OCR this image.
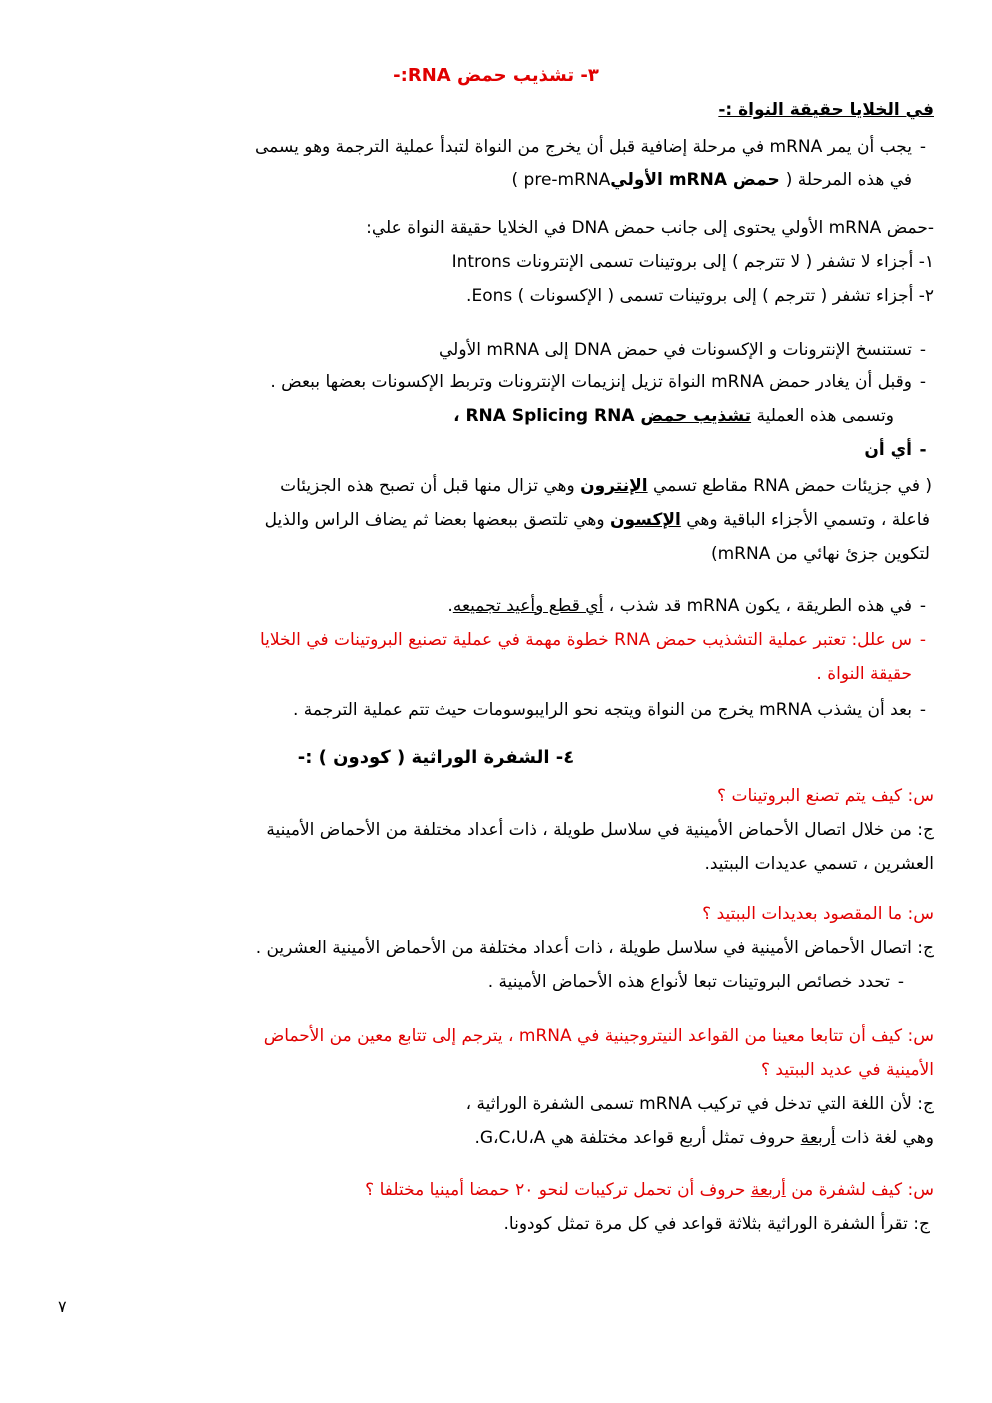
٣- تشذيب حمض RNA:-
في الخلايا حقيقة النواة :-
-يجب أن يمر mRNA في مرحلة إضافية قبل أن يخرج من النواة لتبدأ عملية الترجمة وهو يسمى
في هذه المرحلة ( حمض mRNA الأوليpre-mRNA )
-حمض mRNA الأولي يحتوى إلى جانب حمض DNA في الخلايا حقيقة النواة علي:
١- أجزاء لا تشفر ( لا تترجم ) إلى بروتينات تسمى الإنترونات Introns
٢- أجزاء تشفر ( تترجم ) إلى بروتينات تسمى ( الإكسونات ) Eons.
-تستنسخ الإنترونات و الإكسونات في حمض DNA إلى mRNA الأولي
-وقبل أن يغادر حمض mRNA النواة تزيل إنزيمات الإنترونات وتربط الإكسونات بعضها ببعض .
وتسمى هذه العملية تشذيب حمض RNA Splicing RNA ،
-أي أن
( في جزيئات حمض RNA مقاطع تسمي الإنترون وهي تزال منها قبل أن تصبح هذه الجزيئات
فاعلة ، وتسمي الأجزاء الباقية وهي الإكسون وهي تلتصق ببعضها بعضا ثم يضاف الراس والذيل
لتكوين جزئ نهائي من mRNA)
-في هذه الطريقة ، يكون mRNA قد شذب ، أي قطع وأعيد تجميعه.
-س علل: تعتبر عملية التشذيب حمض RNA خطوة مهمة في عملية تصنيع البروتينات في الخلايا
حقيقة النواة .
-بعد أن يشذب mRNA يخرج من النواة ويتجه نحو الرايبوسومات حيث تتم عملية الترجمة .
٤- الشفرة الوراثية ( كودون ) :-
س: كيف يتم تصنع البروتينات ؟
ج: من خلال اتصال الأحماض الأمينية في سلاسل طويلة ، ذات أعداد مختلفة من الأحماض الأمينية
العشرين ، تسمي عديدات الببتيد.
س: ما المقصود بعديدات الببتيد ؟
ج: اتصال الأحماض الأمينية في سلاسل طويلة ، ذات أعداد مختلفة من الأحماض الأمينية العشرين .
-تحدد خصائص البروتينات تبعا لأنواع هذه الأحماض الأمينية .
س: كيف أن تتابعا معينا من القواعد النيتروجينية في mRNA ، يترجم إلى تتابع معين من الأحماض
الأمينية في عديد الببتيد ؟
ج: لأن اللغة التي تدخل في تركيب mRNA تسمى الشفرة الوراثية ،
وهي لغة ذات أربعة حروف تمثل أربع قواعد مختلفة هي G،C،U،A.
س: كيف لشفرة من أربعة حروف أن تحمل تركيبات لنحو ٢٠ حمضا أمينيا مختلفا ؟
ج: تقرأ الشفرة الوراثية بثلاثة قواعد في كل مرة تمثل كودونا.
٧
